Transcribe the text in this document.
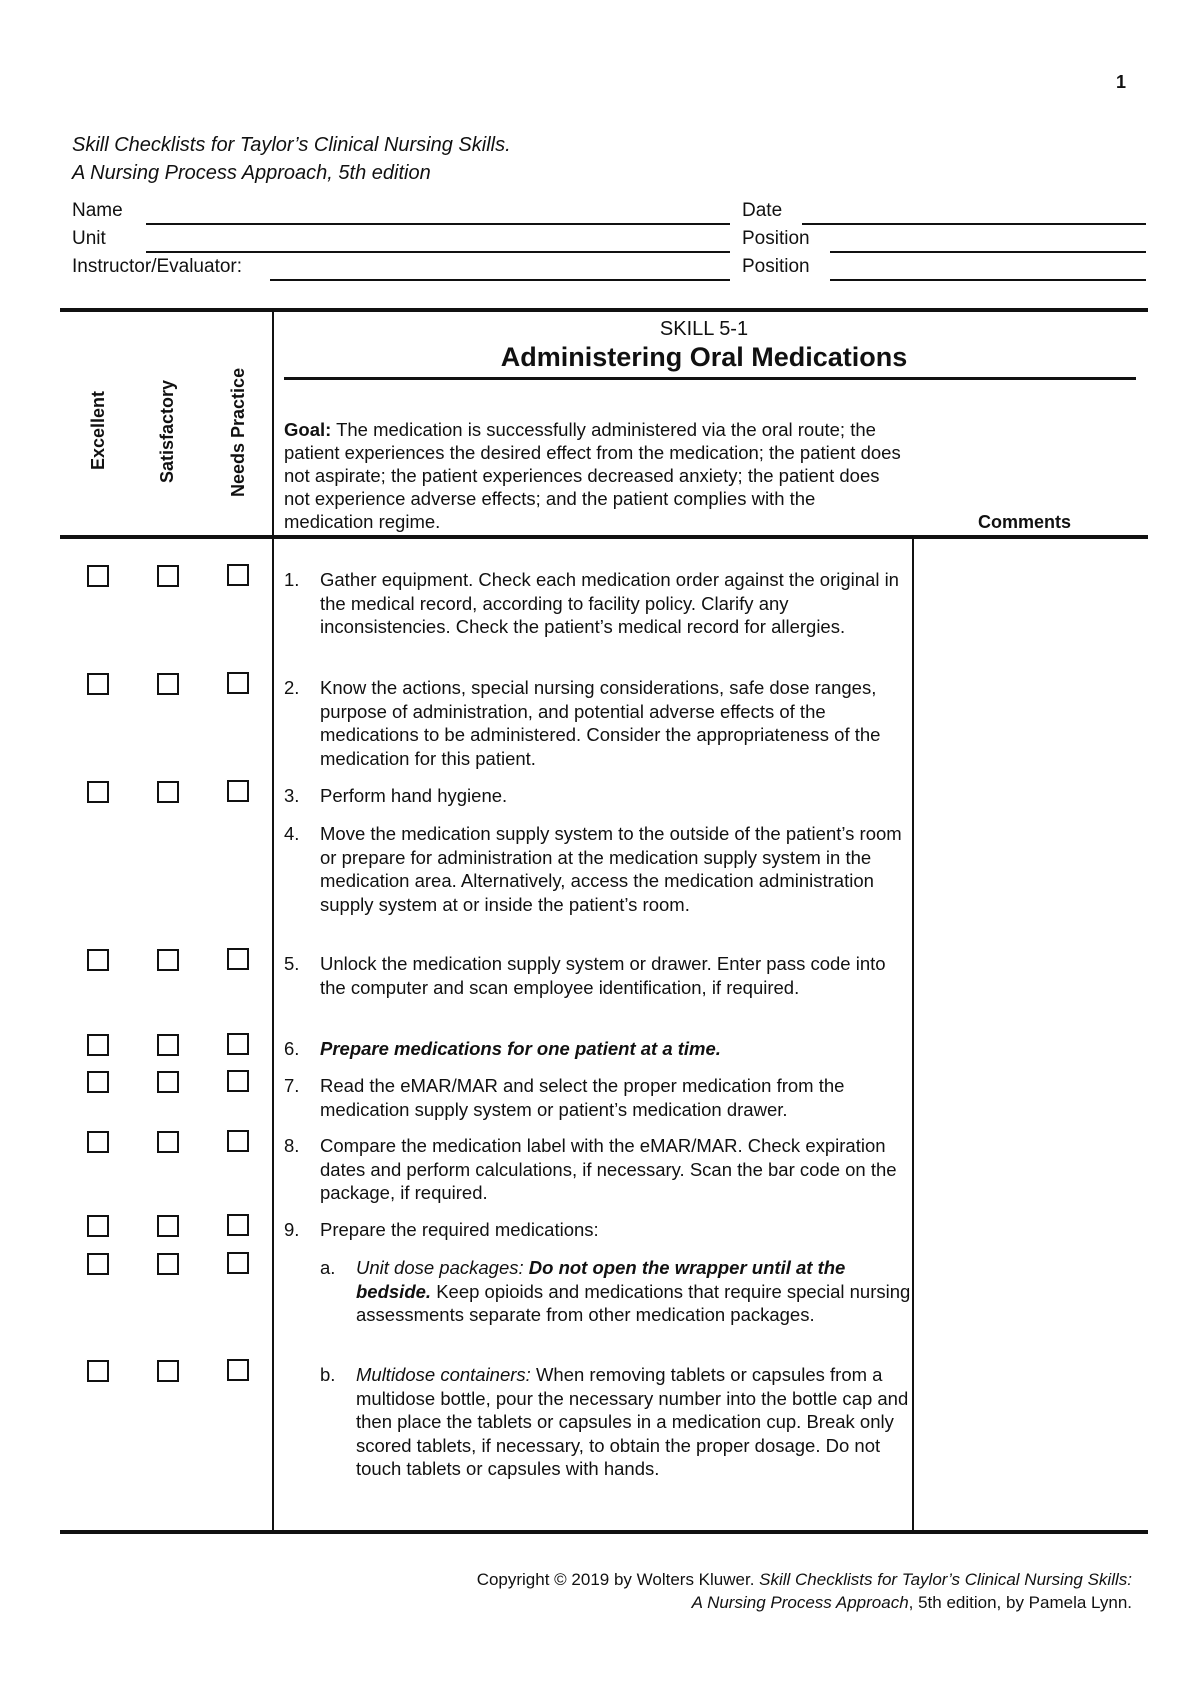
1
Skill Checklists for Taylor’s Clinical Nursing Skills.
A Nursing Process Approach, 5th edition
Name	Date
Unit	Position
Instructor/Evaluator:	Position
Excellent	Satisfactory	Needs Practice
SKILL 5-1
Administering Oral Medications
Goal: The medication is successfully administered via the oral route; the patient experiences the desired effect from the medication; the patient does not aspirate; the patient experiences decreased anxiety; the patient does not experience adverse effects; and the patient complies with the medication regime.	Comments
1. Gather equipment. Check each medication order against the original in the medical record, according to facility policy. Clarify any inconsistencies. Check the patient’s medical record for allergies.
2. Know the actions, special nursing considerations, safe dose ranges, purpose of administration, and potential adverse effects of the medications to be administered. Consider the appropriateness of the medication for this patient.
3. Perform hand hygiene.
4. Move the medication supply system to the outside of the patient’s room or prepare for administration at the medication supply system in the medication area. Alternatively, access the medication administration supply system at or inside the patient’s room.
5. Unlock the medication supply system or drawer. Enter pass code into the computer and scan employee identification, if required.
6. Prepare medications for one patient at a time.
7. Read the eMAR/MAR and select the proper medication from the medication supply system or patient’s medication drawer.
8. Compare the medication label with the eMAR/MAR. Check expiration dates and perform calculations, if necessary. Scan the bar code on the package, if required.
9. Prepare the required medications:
a. Unit dose packages: Do not open the wrapper until at the bedside. Keep opioids and medications that require special nursing assessments separate from other medication packages.
b. Multidose containers: When removing tablets or capsules from a multidose bottle, pour the necessary number into the bottle cap and then place the tablets or capsules in a medication cup. Break only scored tablets, if necessary, to obtain the proper dosage. Do not touch tablets or capsules with hands.
Copyright © 2019 by Wolters Kluwer. Skill Checklists for Taylor’s Clinical Nursing Skills:
A Nursing Process Approach, 5th edition, by Pamela Lynn.
